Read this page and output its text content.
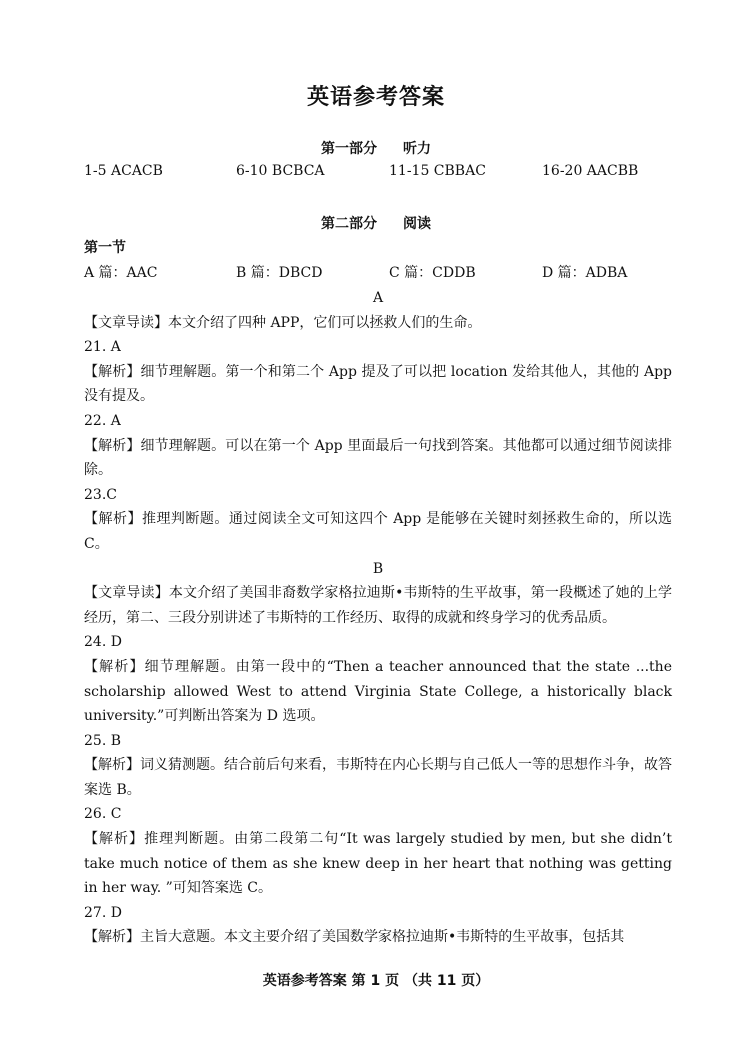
英语参考答案
第一部分 听力
1-5 ACACB	6-10 BCBCA	11-15 CBBAC	16-20 AACBB
第二部分 阅读
第一节
A 篇：AAC	B 篇：DBCD	C 篇：CDDB	D 篇：ADBA

A

【文章导读】本文介绍了四种 APP，它们可以拯救人们的生命。

21. A

【解析】细节理解题。第一个和第二个 App 提及了可以把 location 发给其他人，其他的 App 没有提及。

22. A

【解析】细节理解题。可以在第一个 App 里面最后一句找到答案。其他都可以通过细节阅读排除。

23.C

【解析】推理判断题。通过阅读全文可知这四个 App 是能够在关键时刻拯救生命的，所以选 C。

B

【文章导读】本文介绍了美国非裔数学家格拉迪斯•韦斯特的生平故事，第一段概述了她的上学经历，第二、三段分别讲述了韦斯特的工作经历、取得的成就和终身学习的优秀品质。

24. D

【解析】细节理解题。由第一段中的“Then a teacher announced that the state ...the scholarship allowed West to attend Virginia State College, a historically black university.”可判断出答案为 D 选项。

25. B

【解析】词义猜测题。结合前后句来看，韦斯特在内心长期与自己低人一等的思想作斗争，故答案选 B。

26. C

【解析】推理判断题。由第二段第二句“It was largely studied by men, but she didn’t take much notice of them as she knew deep in her heart that nothing was getting in her way. ”可知答案选 C。

27. D

【解析】主旨大意题。本文主要介绍了美国数学家格拉迪斯•韦斯特的生平故事，包括其

英语参考答案 第 1 页 （共 11 页）
